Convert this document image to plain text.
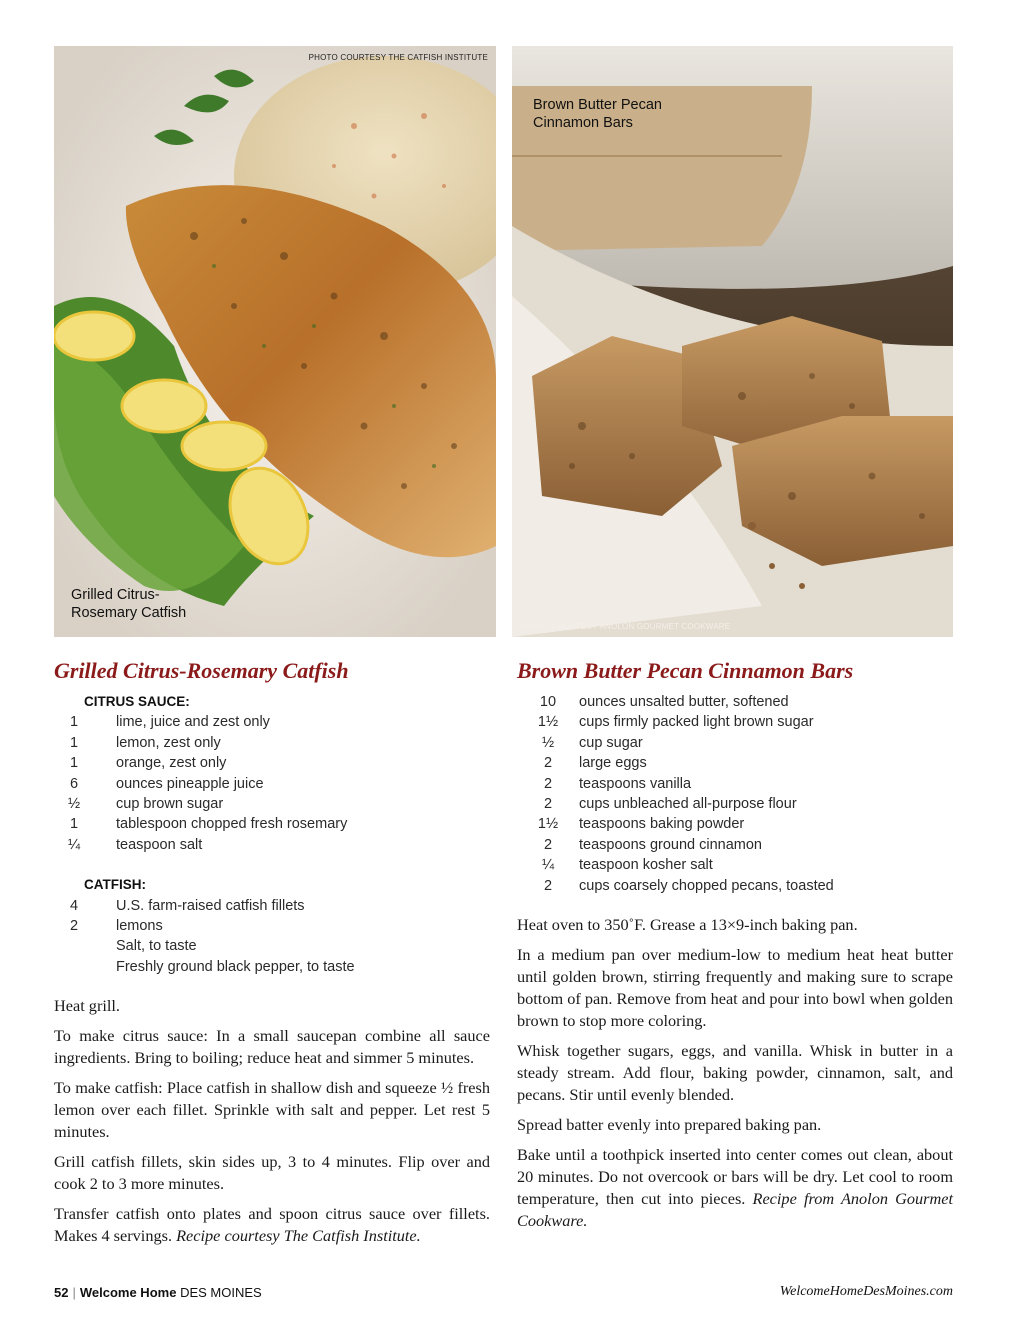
PHOTO COURTESY THE CATFISH INSTITUTE
Grilled Citrus-Rosemary Catfish
Brown Butter Pecan Cinnamon Bars
PHOTO COURTESY ANOLON GOURMET COOKWARE
Grilled Citrus-Rosemary Catfish
CITRUS SAUCE:
1	lime, juice and zest only
1	lemon, zest only
1	orange, zest only
6	ounces pineapple juice
½	cup brown sugar
1	tablespoon chopped fresh rosemary
¼	teaspoon salt
CATFISH:
4	U.S. farm-raised catfish fillets
2	lemons
Salt, to taste
Freshly ground black pepper, to taste

Heat grill.

To make citrus sauce: In a small saucepan combine all sauce ingredients. Bring to boiling; reduce heat and simmer 5 minutes.

To make catfish: Place catfish in shallow dish and squeeze ½ fresh lemon over each fillet. Sprinkle with salt and pepper. Let rest 5 minutes.

Grill catfish fillets, skin sides up, 3 to 4 minutes. Flip over and cook 2 to 3 more minutes.

Transfer catfish onto plates and spoon citrus sauce over fillets. Makes 4 servings. Recipe courtesy The Catfish Institute.

Brown Butter Pecan Cinnamon Bars
10	ounces unsalted butter, softened
1½	cups firmly packed light brown sugar
½	cup sugar
2	large eggs
2	teaspoons vanilla
2	cups unbleached all-purpose flour
1½	teaspoons baking powder
2	teaspoons ground cinnamon
¼	teaspoon kosher salt
2	cups coarsely chopped pecans, toasted

Heat oven to 350˚F. Grease a 13×9-inch baking pan.

In a medium pan over medium-low to medium heat heat butter until golden brown, stirring frequently and making sure to scrape bottom of pan. Remove from heat and pour into bowl when golden brown to stop more coloring.

Whisk together sugars, eggs, and vanilla. Whisk in butter in a steady stream. Add flour, baking powder, cinnamon, salt, and pecans. Stir until evenly blended.

Spread batter evenly into prepared baking pan.

Bake until a toothpick inserted into center comes out clean, about 20 minutes. Do not overcook or bars will be dry. Let cool to room temperature, then cut into pieces. Recipe from Anolon Gourmet Cookware.

52 | Welcome Home DES MOINES	WelcomeHomeDesMoines.com
